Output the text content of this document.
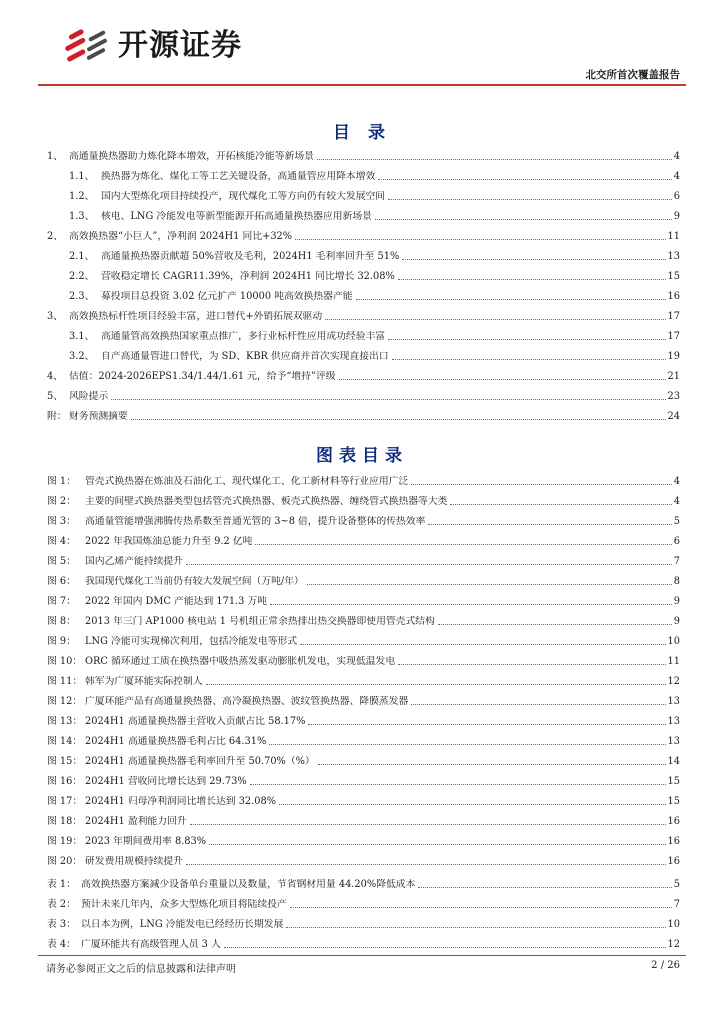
开源证券
北交所首次覆盖报告
目 录
1、 高通量换热器助力炼化降本增效，开拓核能冷能等新场景	4
1.1、 换热器为炼化、煤化工等工艺关键设备，高通量管应用降本增效	4
1.2、 国内大型炼化项目持续投产，现代煤化工等方向仍有较大发展空间	6
1.3、 核电、LNG 冷能发电等新型能源开拓高通量换热器应用新场景	9
2、 高效换热器“小巨人”，净利润 2024H1 同比+32%	11
2.1、 高通量换热器贡献超 50%营收及毛利，2024H1 毛利率回升至 51%	13
2.2、 营收稳定增长 CAGR11.39%，净利润 2024H1 同比增长 32.08%	15
2.3、 募投项目总投资 3.02 亿元扩产 10000 吨高效换热器产能	16
3、 高效换热标杆性项目经验丰富，进口替代+外销拓展双驱动	17
3.1、 高通量管高效换热国家重点推广，多行业标杆性应用成功经验丰富	17
3.2、 自产高通量管进口替代，为 SD、KBR 供应商并首次实现直接出口	19
4、 估值：2024-2026EPS1.34/1.44/1.61 元，给予“增持”评级	21
5、 风险提示	23
附： 财务预测摘要	24
图表目录
图 1： 管壳式换热器在炼油及石油化工、现代煤化工、化工新材料等行业应用广泛	4
图 2： 主要的间壁式换热器类型包括管壳式换热器、板壳式换热器、缠绕管式换热器等大类	4
图 3： 高通量管能增强沸腾传热系数至普通光管的 3~8 倍，提升设备整体的传热效率	5
图 4： 2022 年我国炼油总能力升至 9.2 亿吨	6
图 5： 国内乙烯产能持续提升	7
图 6： 我国现代煤化工当前仍有较大发展空间（万吨/年）	8
图 7： 2022 年国内 DMC 产能达到 171.3 万吨	9
图 8： 2013 年三门 AP1000 核电站 1 号机组正常余热排出热交换器即使用管壳式结构	9
图 9： LNG 冷能可实现梯次利用，包括冷能发电等形式	10
图 10： ORC 循环通过工质在换热器中吸热蒸发驱动膨胀机发电，实现低温发电	11
图 11： 韩军为广厦环能实际控制人	12
图 12： 广厦环能产品有高通量换热器、高冷凝换热器、波纹管换热器、降膜蒸发器	13
图 13： 2024H1 高通量换热器主营收入贡献占比 58.17%	13
图 14： 2024H1 高通量换热器毛利占比 64.31%	13
图 15： 2024H1 高通量换热器毛利率回升至 50.70%（%）	14
图 16： 2024H1 营收同比增长达到 29.73%	15
图 17： 2024H1 归母净利润同比增长达到 32.08%	15
图 18： 2024H1 盈利能力回升	16
图 19： 2023 年期间费用率 8.83%	16
图 20： 研发费用规模持续提升	16
表 1： 高效换热器方案减少设备单台重量以及数量，节省钢材用量 44.20%降低成本	5
表 2： 预计未来几年内，众多大型炼化项目将陆续投产	7
表 3： 以日本为例，LNG 冷能发电已经经历长期发展	10
表 4： 广厦环能共有高级管理人员 3 人	12
请务必参阅正文之后的信息披露和法律声明	2 / 26
